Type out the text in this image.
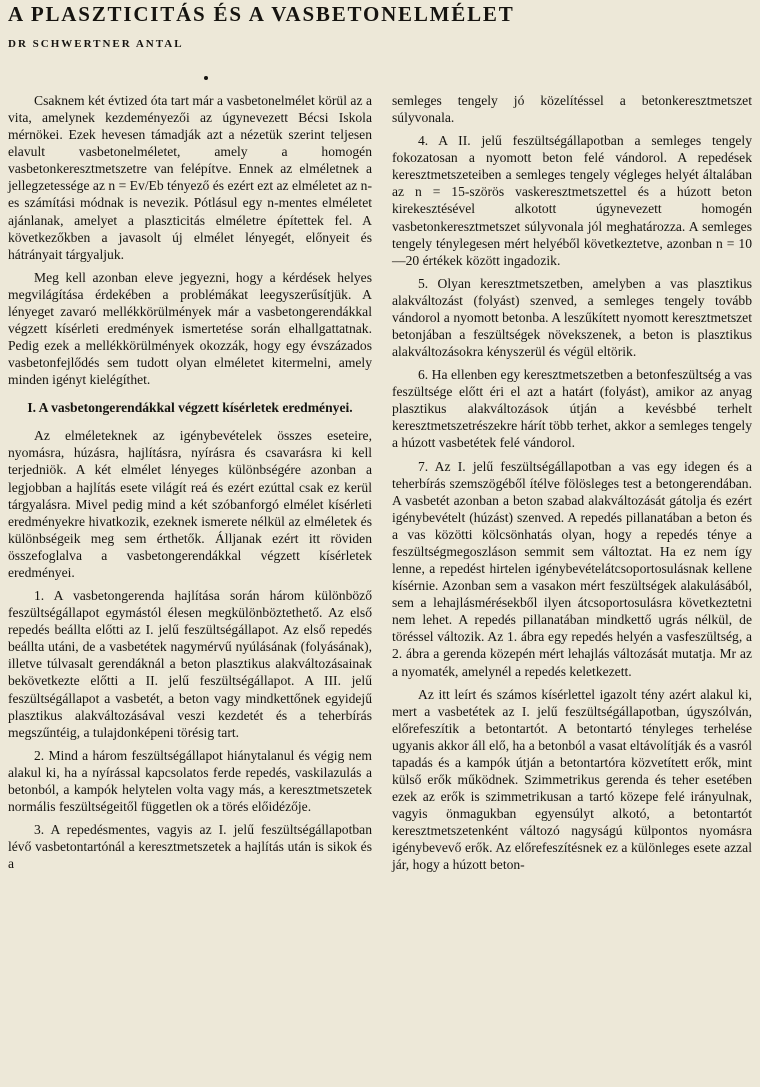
A PLASZTICITÁS ÉS A VASBETONELMÉLET
DR SCHWERTNER ANTAL

Csaknem két évtized óta tart már a vasbetonelmélet körül az a vita, amelynek kezdeményezői az úgynevezett Bécsi Iskola mérnökei. Ezek hevesen támadják azt a nézetük szerint teljesen elavult vasbetonelméletet, amely a homogén vasbetonkeresztmetszetre van felépítve. Ennek az elméletnek a jellegzetessége az n = Ev/Eb tényező és ezért ezt az elméletet az n-es számítási módnak is nevezik. Pótlásul egy n-mentes elméletet ajánlanak, amelyet a plaszticitás elméletre építettek fel. A következőkben a javasolt új elmélet lényegét, előnyeit és hátrányait tárgyaljuk.

Meg kell azonban eleve jegyezni, hogy a kérdések helyes megvilágítása érdekében a problémákat leegyszerűsítjük. A lényeget zavaró mellékkörülmények már a vasbetongerendákkal végzett kísérleti eredmények ismertetése során elhallgattatnak. Pedig ezek a mellékkörülmények okozzák, hogy egy évszázados vasbetonfejlődés sem tudott olyan elméletet kitermelni, amely minden igényt kielégíthet.

I. A vasbetongerendákkal végzett kísérletek eredményei.

Az elméleteknek az igénybevételek összes eseteire, nyomásra, húzásra, hajlításra, nyírásra és csavarásra ki kell terjedniök. A két elmélet lényeges különbségére azonban a legjobban a hajlítás esete világít reá és ezért ezúttal csak ez kerül tárgyalásra. Mivel pedig mind a két szóbanforgó elmélet kísérleti eredményekre hivatkozik, ezeknek ismerete nélkül az elméletek és különbségeik meg sem érthetők. Álljanak ezért itt röviden összefoglalva a vasbetongerendákkal végzett kísérletek eredményei.

1. A vasbetongerenda hajlítása során három különböző feszültségállapot egymástól élesen megkülönböztethető. Az első repedés beállta előtti az I. jelű feszültségállapot. Az első repedés beállta utáni, de a vasbetétek nagymérvű nyúlásának (folyásának), illetve túlvasalt gerendáknál a beton plasztikus alakváltozásainak bekövetkezte előtti a II. jelű feszültségállapot. A III. jelű feszültségállapot a vasbetét, a beton vagy mindkettőnek egyidejű plasztikus alakváltozásával veszi kezdetét és a teherbírás megszűntéig, a tulajdonképeni törésig tart.

2. Mind a három feszültségállapot hiánytalanul és végig nem alakul ki, ha a nyírással kapcsolatos ferde repedés, vaskilazulás a betonból, a kampók helytelen volta vagy más, a keresztmetszetek normális feszültségeitől független ok a törés előidézője.

3. A repedésmentes, vagyis az I. jelű feszültségállapotban lévő vasbetontartónál a keresztmetszetek a hajlítás után is sikok és a

semleges tengely jó közelítéssel a betonkeresztmetszet súlyvonala.

4. A II. jelű feszültségállapotban a semleges tengely fokozatosan a nyomott beton felé vándorol. A repedések keresztmetszeteiben a semleges tengely végleges helyét általában az n = 15-szörös vaskeresztmetszettel és a húzott beton kirekesztésével alkotott úgynevezett homogén vasbetonkeresztmetszet súlyvonala jól meghatározza. A semleges tengely ténylegesen mért helyéből következtetve, azonban n = 10—20 értékek között ingadozik.

5. Olyan keresztmetszetben, amelyben a vas plasztikus alakváltozást (folyást) szenved, a semleges tengely tovább vándorol a nyomott betonba. A leszűkített nyomott keresztmetszet betonjában a feszültségek növekszenek, a beton is plasztikus alakváltozásokra kényszerül és végül eltörik.

6. Ha ellenben egy keresztmetszetben a betonfeszültség a vas feszültsége előtt éri el azt a határt (folyást), amikor az anyag plasztikus alakváltozások útján a kevésbbé terhelt keresztmetszetrészekre hárít több terhet, akkor a semleges tengely a húzott vasbetétek felé vándorol.

7. Az I. jelű feszültségállapotban a vas egy idegen és a teherbírás szemszögéből ítélve fölösleges test a betongerendában. A vasbetét azonban a beton szabad alakváltozását gátolja és ezért igénybevételt (húzást) szenved. A repedés pillanatában a beton és a vas közötti kölcsönhatás olyan, hogy a repedés ténye a feszültségmegoszláson semmit sem változtat. Ha ez nem így lenne, a repedést hirtelen igénybevételátcsoportosulásnak kellene kísérnie. Azonban sem a vasakon mért feszültségek alakulásából, sem a lehajlásmérésekből ilyen átcsoportosulásra következtetni nem lehet. A repedés pillanatában mindkettő ugrás nélkül, de töréssel változik. Az 1. ábra egy repedés helyén a vasfeszültség, a 2. ábra a gerenda közepén mért lehajlás változását mutatja. Mr az a nyomaték, amelynél a repedés keletkezett.

Az itt leírt és számos kísérlettel igazolt tény azért alakul ki, mert a vasbetétek az I. jelű feszültségállapotban, úgyszólván, előrefeszítik a betontartót. A betontartó tényleges terhelése ugyanis akkor áll elő, ha a betonból a vasat eltávolítják és a vasról tapadás és a kampók útján a betontartóra közvetített erők, mint külső erők működnek. Szimmetrikus gerenda és teher esetében ezek az erők is szimmetrikusan a tartó közepe felé irányulnak, vagyis önmagukban egyensúlyt alkotó, a betontartót keresztmetszetenként változó nagyságú külpontos nyomásra igénybevevő erők. Az előrefeszítésnek ez a különleges esete azzal jár, hogy a húzott beton-
